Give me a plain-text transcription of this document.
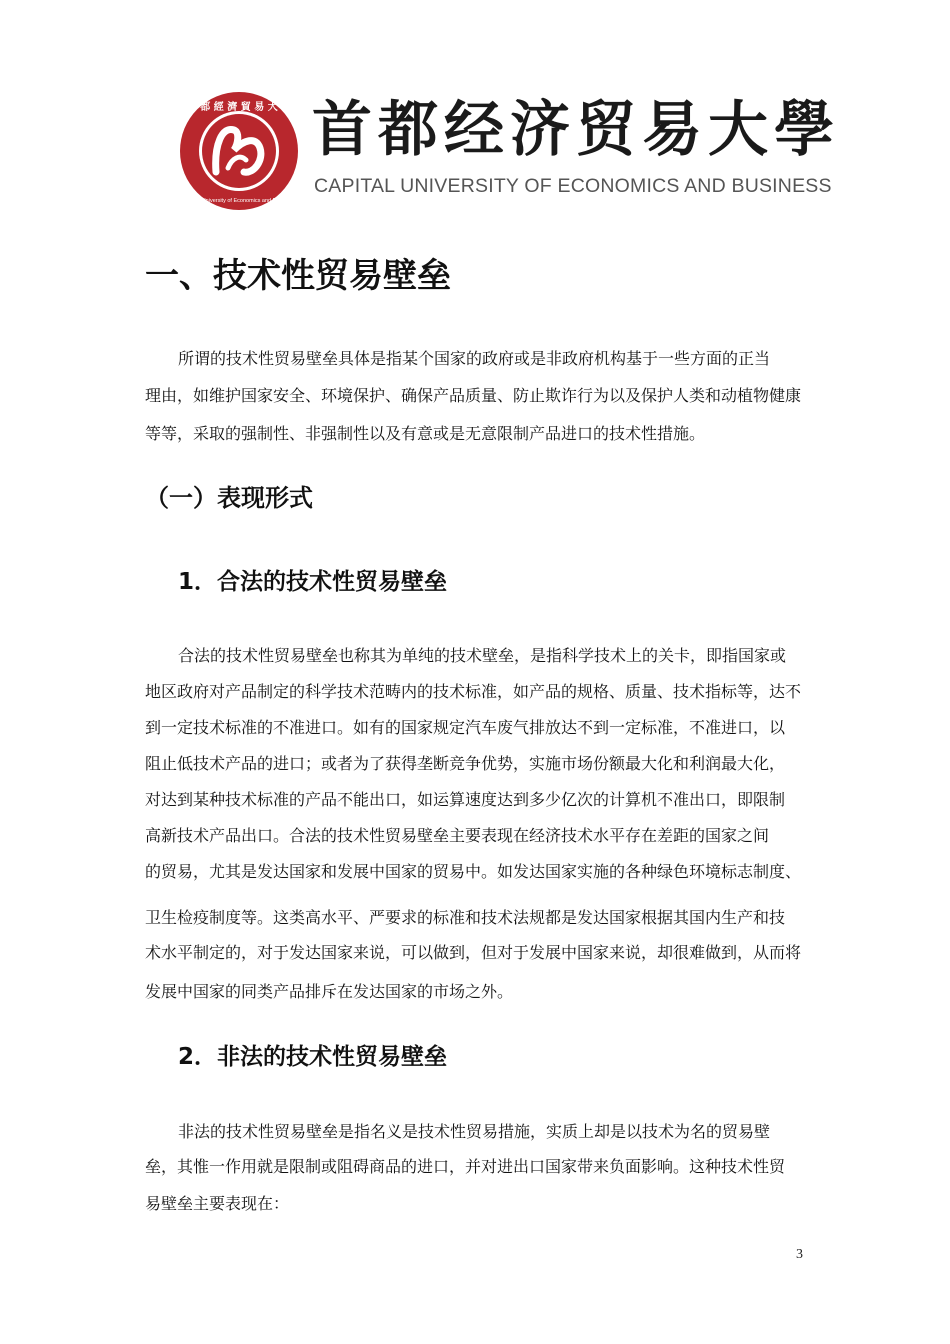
首 都 經 濟 貿 易 大 學
Capital University of Economics and Business
首都经济贸易大學
CAPITAL UNIVERSITY OF ECONOMICS AND BUSINESS
一、技术性贸易壁垒
所谓的技术性贸易壁垒具体是指某个国家的政府或是非政府机构基于一些方面的正当
理由，如维护国家安全、环境保护、确保产品质量、防止欺诈行为以及保护人类和动植物健康
等等，采取的强制性、非强制性以及有意或是无意限制产品进口的技术性措施。
（一）表现形式
1．合法的技术性贸易壁垒
合法的技术性贸易壁垒也称其为单纯的技术壁垒，是指科学技术上的关卡，即指国家或
地区政府对产品制定的科学技术范畴内的技术标准，如产品的规格、质量、技术指标等，达不
到一定技术标准的不准进口。如有的国家规定汽车废气排放达不到一定标准，不准进口，以
阻止低技术产品的进口；或者为了获得垄断竞争优势，实施市场份额最大化和利润最大化，
对达到某种技术标准的产品不能出口，如运算速度达到多少亿次的计算机不准出口，即限制
高新技术产品出口。合法的技术性贸易壁垒主要表现在经济技术水平存在差距的国家之间
的贸易，尤其是发达国家和发展中国家的贸易中。如发达国家实施的各种绿色环境标志制度、
卫生检疫制度等。这类高水平、严要求的标准和技术法规都是发达国家根据其国内生产和技
术水平制定的，对于发达国家来说，可以做到，但对于发展中国家来说，却很难做到，从而将
发展中国家的同类产品排斥在发达国家的市场之外。
2．非法的技术性贸易壁垒
非法的技术性贸易壁垒是指名义是技术性贸易措施，实质上却是以技术为名的贸易壁
垒，其惟一作用就是限制或阻碍商品的进口，并对进出口国家带来负面影响。这种技术性贸
易壁垒主要表现在：
3
